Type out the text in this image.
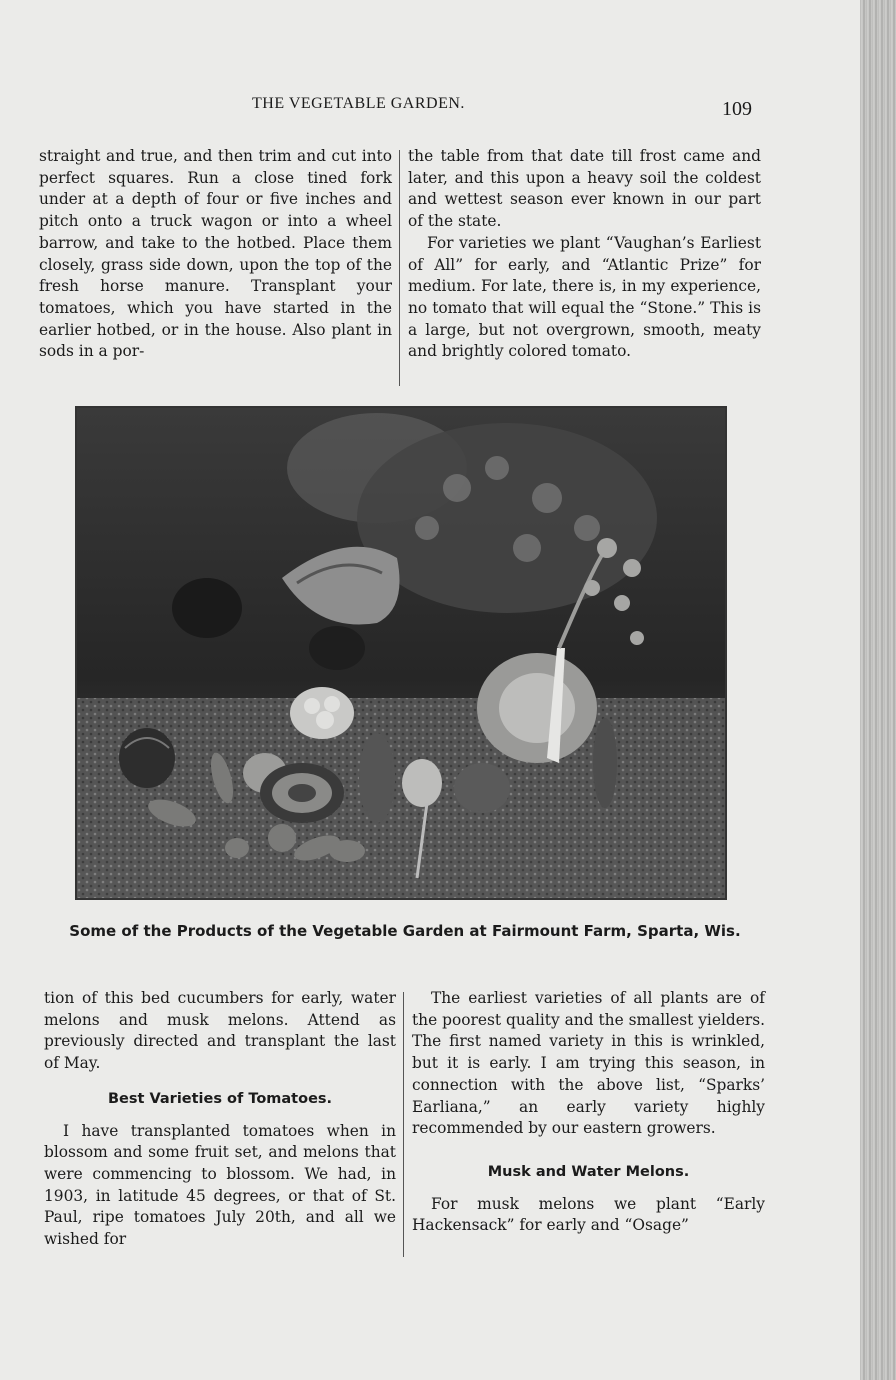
THE VEGETABLE GARDEN.	109

straight and true, and then trim and cut into perfect squares. Run a close tined fork under at a depth of four or five inches and pitch onto a truck wagon or into a wheel barrow, and take to the hotbed. Place them closely, grass side down, upon the top of the fresh horse manure. Transplant your tomatoes, which you have started in the earlier hotbed, or in the house. Also plant in sods in a por-

the table from that date till frost came and later, and this upon a heavy soil the coldest and wettest season ever known in our part of the state.

For varieties we plant “Vaughan’s Earliest of All” for early, and “Atlantic Prize” for medium. For late, there is, in my experience, no tomato that will equal the “Stone.” This is a large, but not overgrown, smooth, meaty and brightly colored tomato.

Some of the Products of the Vegetable Garden at Fairmount Farm, Sparta, Wis.

tion of this bed cucumbers for early, water melons and musk melons. Attend as previously directed and transplant the last of May.

Best Varieties of Tomatoes.

I have transplanted tomatoes when in blossom and some fruit set, and melons that were commencing to blossom. We had, in 1903, in latitude 45 degrees, or that of St. Paul, ripe tomatoes July 20th, and all we wished for

The earliest varieties of all plants are of the poorest quality and the smallest yielders. The first named variety in this is wrinkled, but it is early. I am trying this season, in connection with the above list, “Sparks’ Earliana,” an early variety highly recommended by our eastern growers.

Musk and Water Melons.

For musk melons we plant “Early Hackensack” for early and “Osage”
